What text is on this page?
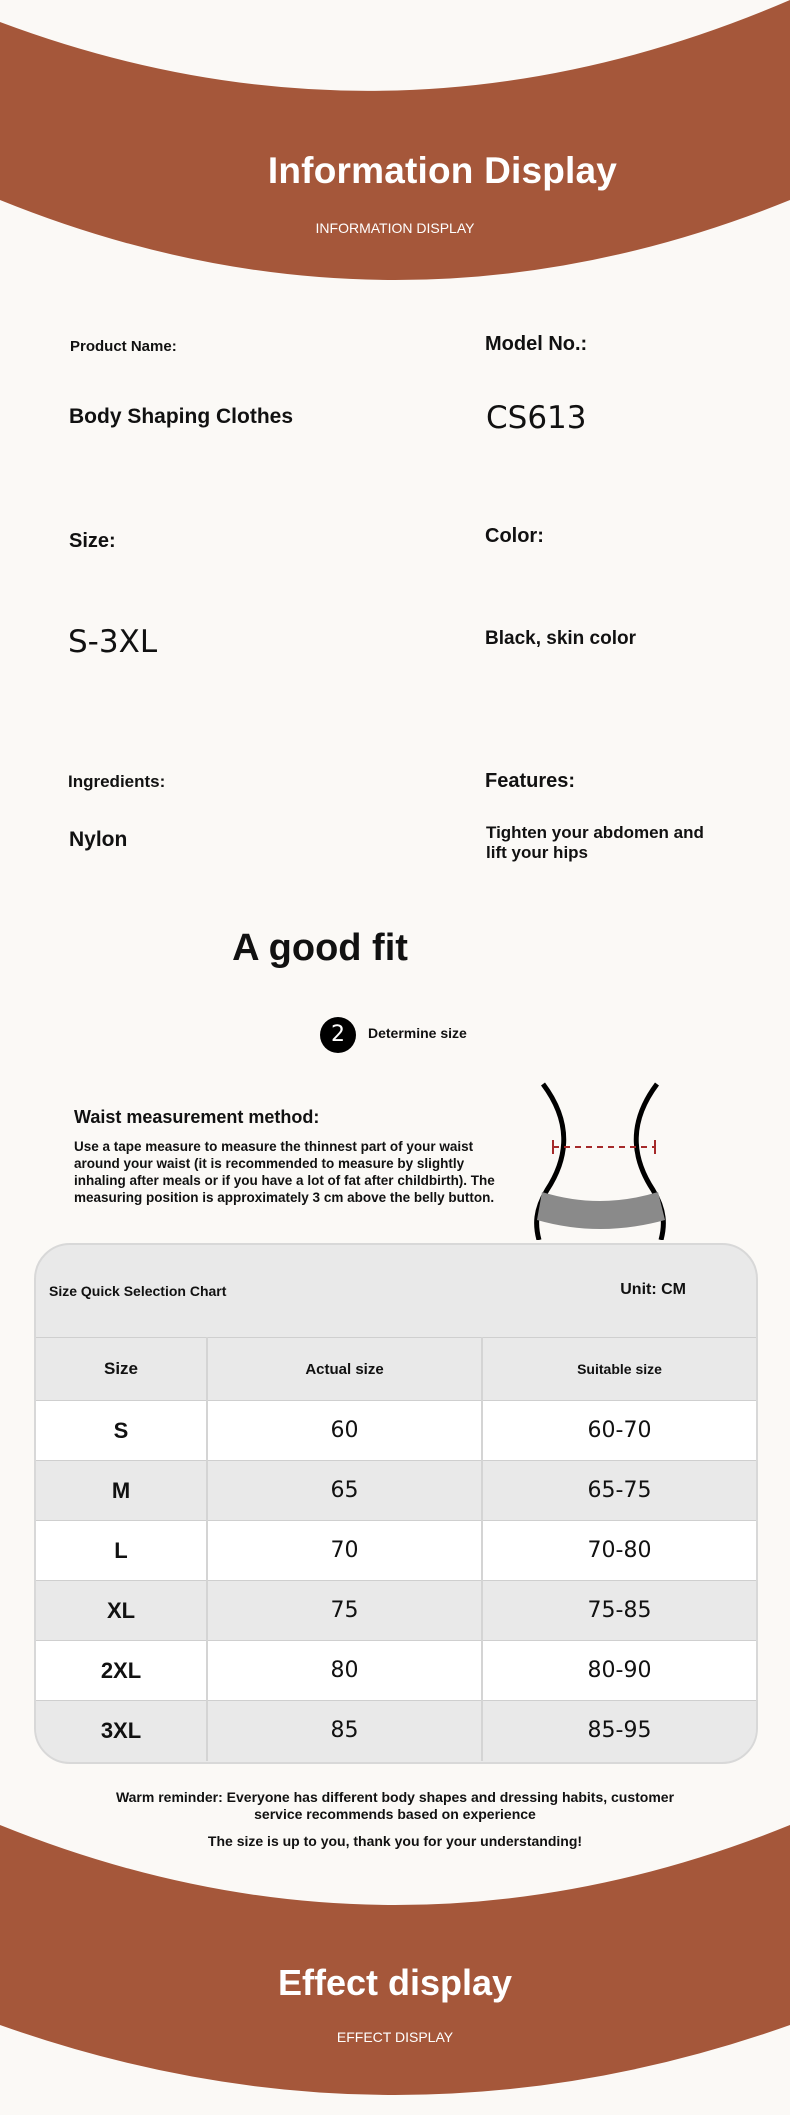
Information Display
INFORMATION DISPLAY
Product Name:
Body Shaping Clothes
Model No.:
CS613
Size:
S-3XL
Color:
Black, skin color
Ingredients:
Nylon
Features:
Tighten your abdomen and lift your hips
A good fit
2	Determine size
Waist measurement method:
Use a tape measure to measure the thinnest part of your waist around your waist (it is recommended to measure by slightly inhaling after meals or if you have a lot of fat after childbirth). The measuring position is approximately 3 cm above the belly button.
Size Quick Selection Chart	Unit: CM
Size	Actual size	Suitable size
S	60	60-70
M	65	65-75
L	70	70-80
XL	75	75-85
2XL	80	80-90
3XL	85	85-95
Warm reminder: Everyone has different body shapes and dressing habits, customer service recommends based on experience
The size is up to you, thank you for your understanding!
Effect display
EFFECT DISPLAY
